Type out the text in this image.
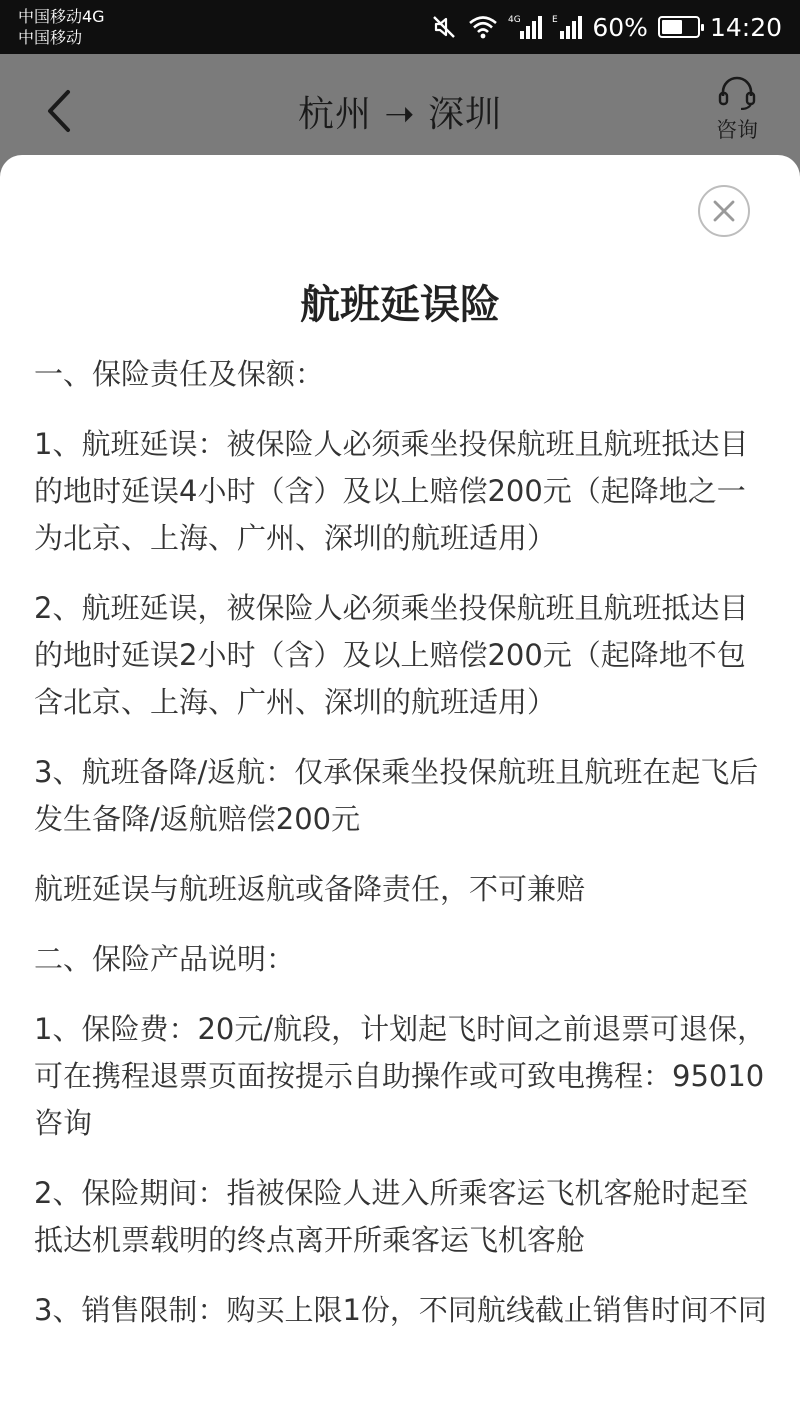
中国移动4G
中国移动
4G	E 60% 14:20
杭州 ➝ 深圳	咨询
航班延误险

一、保险责任及保额：

1、航班延误：被保险人必须乘坐投保航班且航班抵达目的地时延误4小时（含）及以上赔偿200元（起降地之一为北京、上海、广州、深圳的航班适用）

2、航班延误，被保险人必须乘坐投保航班且航班抵达目的地时延误2小时（含）及以上赔偿200元（起降地不包含北京、上海、广州、深圳的航班适用）

3、航班备降/返航：仅承保乘坐投保航班且航班在起飞后发生备降/返航赔偿200元

航班延误与航班返航或备降责任，不可兼赔

二、保险产品说明：

1、保险费：20元/航段，计划起飞时间之前退票可退保，可在携程退票页面按提示自助操作或可致电携程：95010 咨询

2、保险期间：指被保险人进入所乘客运飞机客舱时起至抵达机票载明的终点离开所乘客运飞机客舱

3、销售限制：购买上限1份，不同航线截止销售时间不同
